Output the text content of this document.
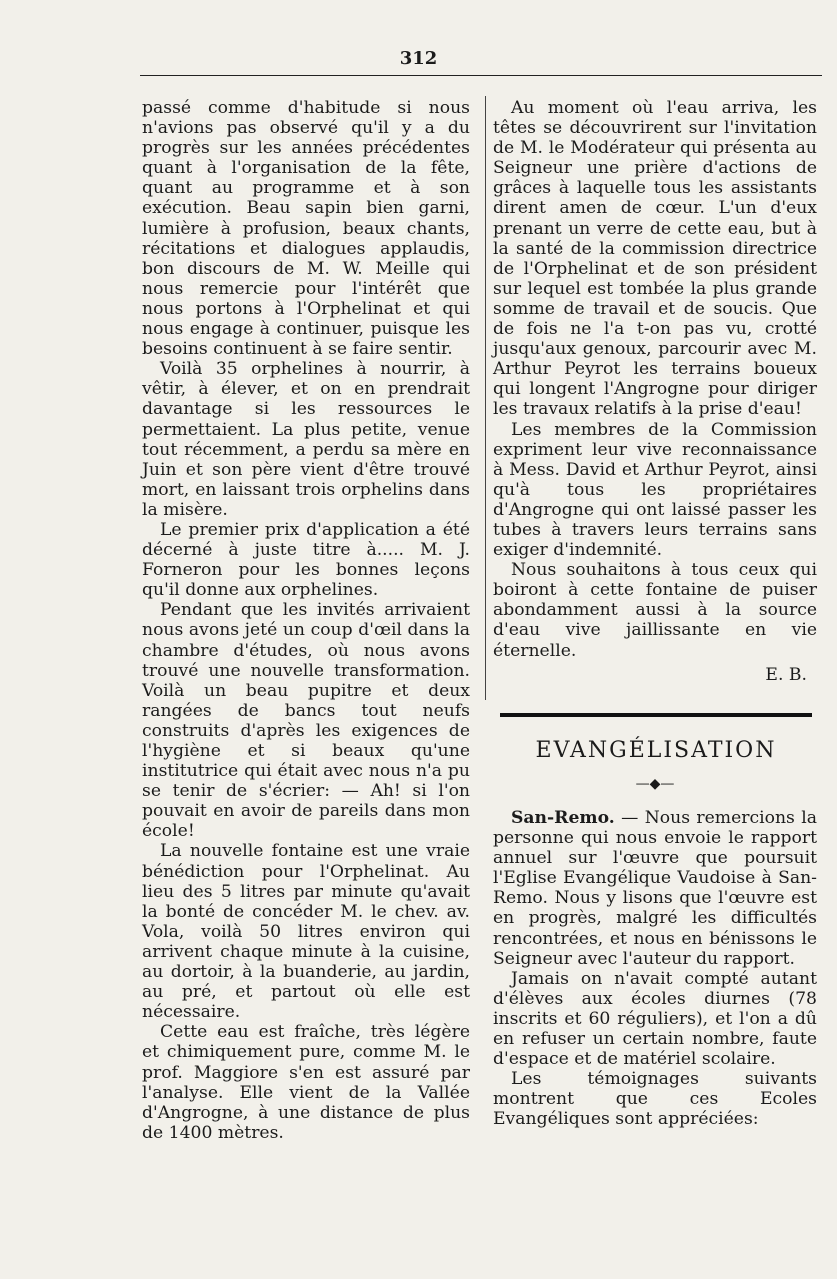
312

passé comme d'habitude si nous n'avions pas observé qu'il y a du progrès sur les années précédentes quant à l'organisation de la fête, quant au programme et à son exécution. Beau sapin bien garni, lumière à profusion, beaux chants, récitations et dialogues applaudis, bon discours de M. W. Meille qui nous remercie pour l'intérêt que nous portons à l'Orphelinat et qui nous engage à continuer, puisque les besoins continuent à se faire sentir.

Voilà 35 orphelines à nourrir, à vêtir, à élever, et on en prendrait davantage si les ressources le permettaient. La plus petite, venue tout récemment, a perdu sa mère en Juin et son père vient d'être trouvé mort, en laissant trois orphelins dans la misère.

Le premier prix d'application a été décerné à juste titre à..... M. J. Forneron pour les bonnes leçons qu'il donne aux orphelines.

Pendant que les invités arrivaient nous avons jeté un coup d'œil dans la chambre d'études, où nous avons trouvé une nouvelle transformation. Voilà un beau pupitre et deux rangées de bancs tout neufs construits d'après les exigences de l'hygiène et si beaux qu'une institutrice qui était avec nous n'a pu se tenir de s'écrier: — Ah! si l'on pouvait en avoir de pareils dans mon école!

La nouvelle fontaine est une vraie bénédiction pour l'Orphelinat. Au lieu des 5 litres par minute qu'avait la bonté de concéder M. le chev. av. Vola, voilà 50 litres environ qui arrivent chaque minute à la cuisine, au dortoir, à la buanderie, au jardin, au pré, et partout où elle est nécessaire.

Cette eau est fraîche, très légère et chimiquement pure, comme M. le prof. Maggiore s'en est assuré par l'analyse. Elle vient de la Vallée d'Angrogne, à une distance de plus de 1400 mètres.

Au moment où l'eau arriva, les têtes se découvrirent sur l'invitation de M. le Modérateur qui présenta au Seigneur une prière d'actions de grâces à laquelle tous les assistants dirent amen de cœur. L'un d'eux prenant un verre de cette eau, but à la santé de la commission directrice de l'Orphelinat et de son président sur lequel est tombée la plus grande somme de travail et de soucis. Que de fois ne l'a t-on pas vu, crotté jusqu'aux genoux, parcourir avec M. Arthur Peyrot les terrains boueux qui longent l'Angrogne pour diriger les travaux relatifs à la prise d'eau!

Les membres de la Commission expriment leur vive reconnaissance à Mess. David et Arthur Peyrot, ainsi qu'à tous les propriétaires d'Angrogne qui ont laissé passer les tubes à travers leurs terrains sans exiger d'indemnité.

Nous souhaitons à tous ceux qui boiront à cette fontaine de puiser abondamment aussi à la source d'eau vive jaillissante en vie éternelle.

E. B.

EVANGÉLISATION
—◆—

San-Remo. — Nous remercions la personne qui nous envoie le rapport annuel sur l'œuvre que poursuit l'Eglise Evangélique Vaudoise à San-Remo. Nous y lisons que l'œuvre est en progrès, malgré les difficultés rencontrées, et nous en bénissons le Seigneur avec l'auteur du rapport.

Jamais on n'avait compté autant d'élèves aux écoles diurnes (78 inscrits et 60 réguliers), et l'on a dû en refuser un certain nombre, faute d'espace et de matériel scolaire.

Les témoignages suivants montrent que ces Ecoles Evangéliques sont appréciées:
